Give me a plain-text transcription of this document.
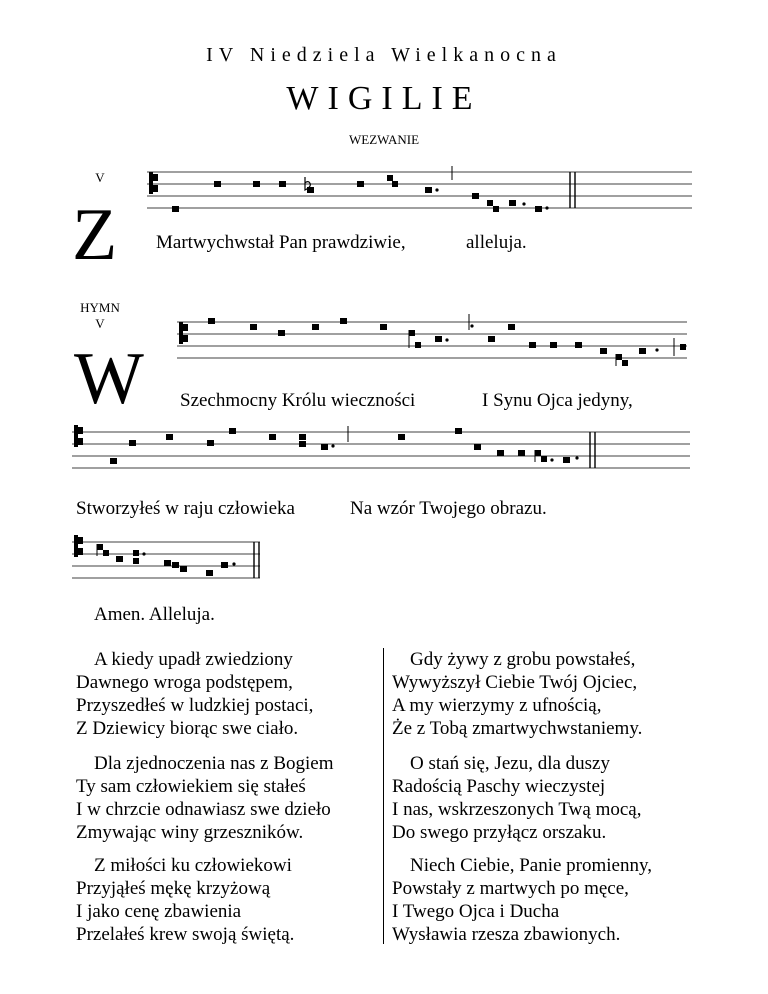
IV Niedziela Wielkanocna
WIGILIE
WEZWANIE
V
Z Martwychwstał Pan prawdziwie,	alleluja.
HYMN
V
W Szechmocny Królu wieczności	I Synu Ojca jedyny,
Stworzyłeś w raju człowieka	Na wzór Twojego obrazu.
Amen. Alleluja.
A kiedy upadł zwiedziony
Dawnego wroga podstępem,
Przyszedłeś w ludzkiej postaci,
Z Dziewicy biorąc swe ciało.
Dla zjednoczenia nas z Bogiem
Ty sam człowiekiem się stałeś
I w chrzcie odnawiasz swe dzieło
Zmywając winy grzeszników.
Z miłości ku człowiekowi
Przyjąłeś mękę krzyżową
I jako cenę zbawienia
Przelałeś krew swoją świętą.
Gdy żywy z grobu powstałeś,
Wywyższył Ciebie Twój Ojciec,
A my wierzymy z ufnością,
Że z Tobą zmartwychwstaniemy.
O stań się, Jezu, dla duszy
Radością Paschy wieczystej
I nas, wskrzeszonych Twą mocą,
Do swego przyłącz orszaku.
Niech Ciebie, Panie promienny,
Powstały z martwych po męce,
I Twego Ojca i Ducha
Wysławia rzesza zbawionych.
